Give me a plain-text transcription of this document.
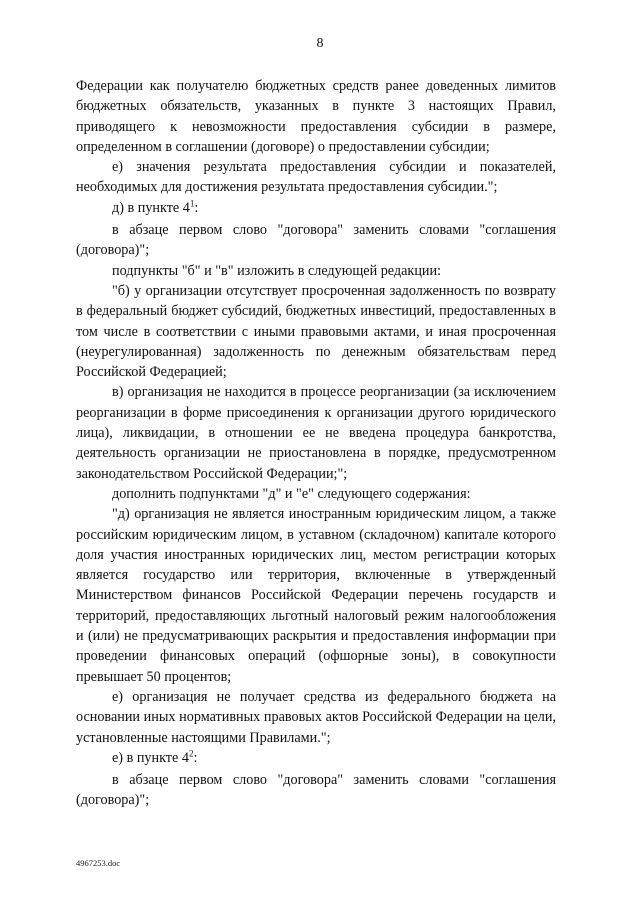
8

Федерации как получателю бюджетных средств ранее доведенных лимитов бюджетных обязательств, указанных в пункте 3 настоящих Правил, приводящего к невозможности предоставления субсидии в размере, определенном в соглашении (договоре) о предоставлении субсидии;

е) значения результата предоставления субсидии и показателей, необходимых для достижения результата предоставления субсидии.";

д) в пункте $4^1$:

в абзаце первом слово "договора" заменить словами "соглашения (договора)";

подпункты "б" и "в" изложить в следующей редакции:

"б) у организации отсутствует просроченная задолженность по возврату в федеральный бюджет субсидий, бюджетных инвестиций, предоставленных в том числе в соответствии с иными правовыми актами, и иная просроченная (неурегулированная) задолженность по денежным обязательствам перед Российской Федерацией;

в) организация не находится в процессе реорганизации (за исключением реорганизации в форме присоединения к организации другого юридического лица), ликвидации, в отношении ее не введена процедура банкротства, деятельность организации не приостановлена в порядке, предусмотренном законодательством Российской Федерации;";

дополнить подпунктами "д" и "е" следующего содержания:

"д) организация не является иностранным юридическим лицом, а также российским юридическим лицом, в уставном (складочном) капитале которого доля участия иностранных юридических лиц, местом регистрации которых является государство или территория, включенные в утвержденный Министерством финансов Российской Федерации перечень государств и территорий, предоставляющих льготный налоговый режим налогообложения и (или) не предусматривающих раскрытия и предоставления информации при проведении финансовых операций (офшорные зоны), в совокупности превышает 50 процентов;

е) организация не получает средства из федерального бюджета на основании иных нормативных правовых актов Российской Федерации на цели, установленные настоящими Правилами.";

е) в пункте $4^2$:

в абзаце первом слово "договора" заменить словами "соглашения (договора)";

4967253.doc
